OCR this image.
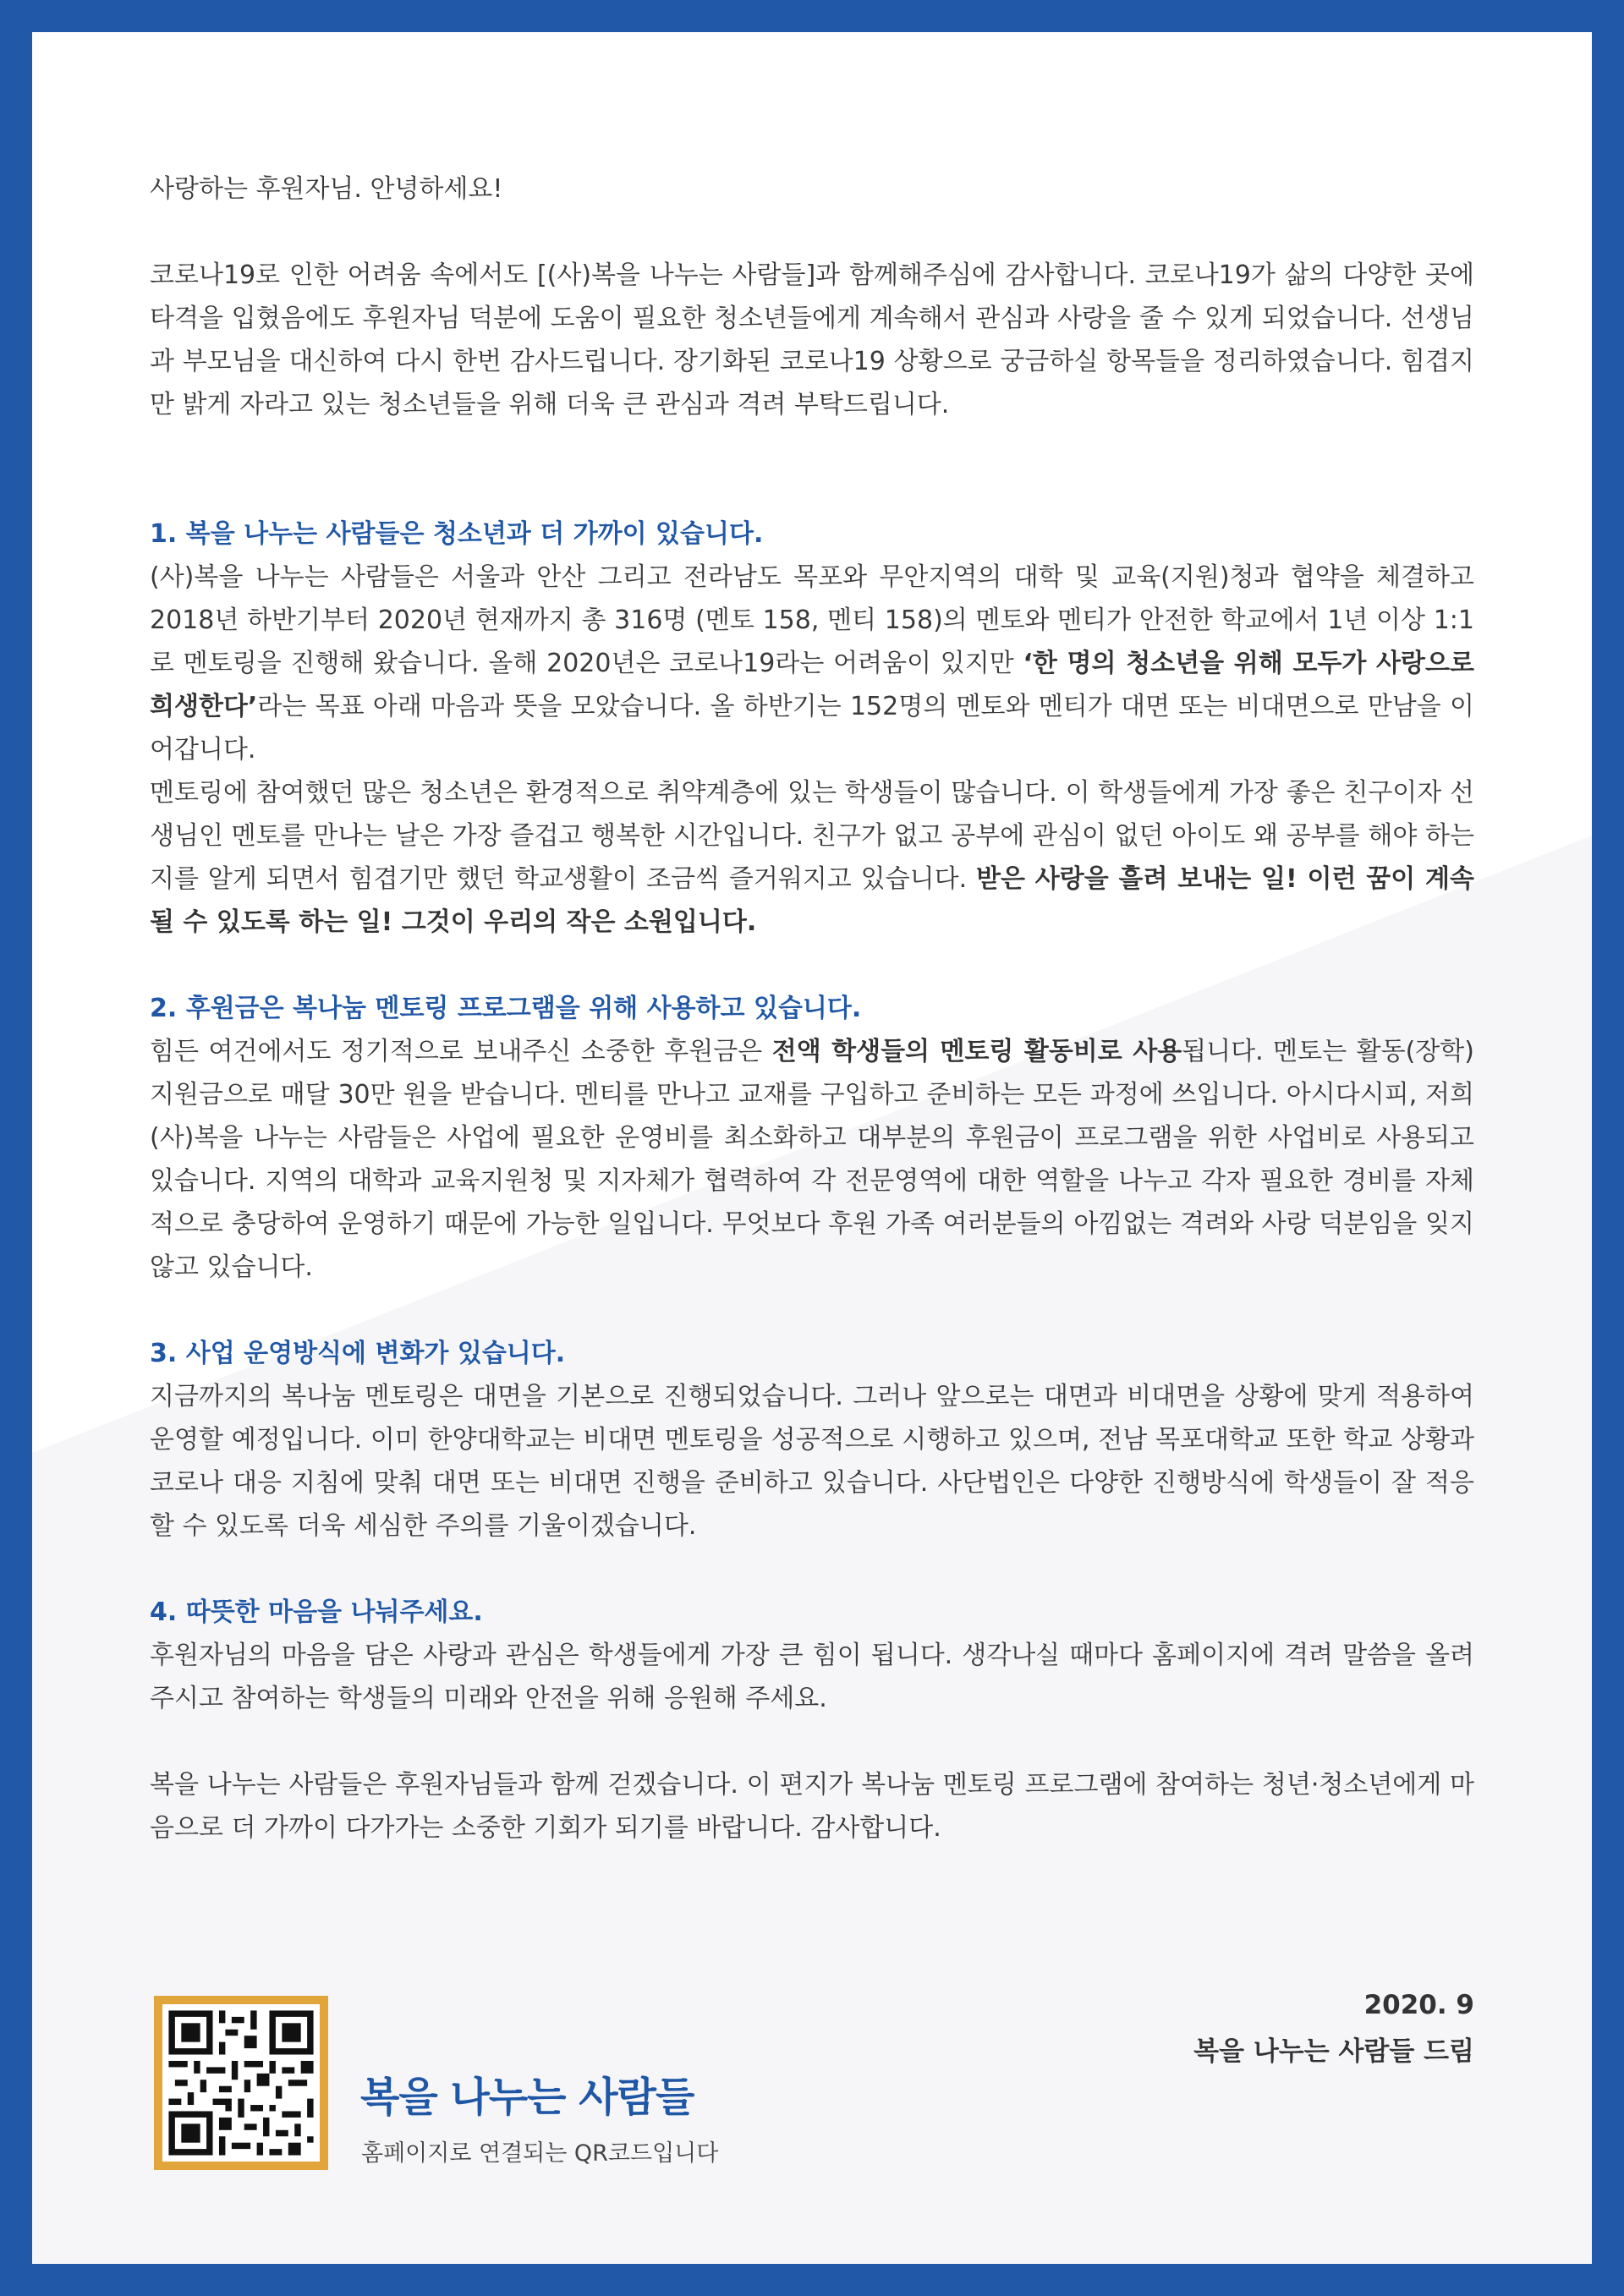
사랑하는 후원자님. 안녕하세요!

코로나19로 인한 어려움 속에서도 [(사)복을 나누는 사람들]과 함께해주심에 감사합니다. 코로나19가 삶의 다양한 곳에 타격을 입혔음에도 후원자님 덕분에 도움이 필요한 청소년들에게 계속해서 관심과 사랑을 줄 수 있게 되었습니다. 선생님과 부모님을 대신하여 다시 한번 감사드립니다. 장기화된 코로나19 상황으로 궁금하실 항목들을 정리하였습니다. 힘겹지만 밝게 자라고 있는 청소년들을 위해 더욱 큰 관심과 격려 부탁드립니다.

1. 복을 나누는 사람들은 청소년과 더 가까이 있습니다.

(사)복을 나누는 사람들은 서울과 안산 그리고 전라남도 목포와 무안지역의 대학 및 교육(지원)청과 협약을 체결하고 2018년 하반기부터 2020년 현재까지 총 316명 (멘토 158, 멘티 158)의 멘토와 멘티가 안전한 학교에서 1년 이상 1:1로 멘토링을 진행해 왔습니다. 올해 2020년은 코로나19라는 어려움이 있지만 ‘한 명의 청소년을 위해 모두가 사랑으로 희생한다’라는 목표 아래 마음과 뜻을 모았습니다. 올 하반기는 152명의 멘토와 멘티가 대면 또는 비대면으로 만남을 이어갑니다.

멘토링에 참여했던 많은 청소년은 환경적으로 취약계층에 있는 학생들이 많습니다. 이 학생들에게 가장 좋은 친구이자 선생님인 멘토를 만나는 날은 가장 즐겁고 행복한 시간입니다. 친구가 없고 공부에 관심이 없던 아이도 왜 공부를 해야 하는지를 알게 되면서 힘겹기만 했던 학교생활이 조금씩 즐거워지고 있습니다. 받은 사랑을 흘려 보내는 일! 이런 꿈이 계속될 수 있도록 하는 일! 그것이 우리의 작은 소원입니다.

2. 후원금은 복나눔 멘토링 프로그램을 위해 사용하고 있습니다.

힘든 여건에서도 정기적으로 보내주신 소중한 후원금은 전액 학생들의 멘토링 활동비로 사용됩니다. 멘토는 활동(장학)지원금으로 매달 30만 원을 받습니다. 멘티를 만나고 교재를 구입하고 준비하는 모든 과정에 쓰입니다. 아시다시피, 저희 (사)복을 나누는 사람들은 사업에 필요한 운영비를 최소화하고 대부분의 후원금이 프로그램을 위한 사업비로 사용되고 있습니다. 지역의 대학과 교육지원청 및 지자체가 협력하여 각 전문영역에 대한 역할을 나누고 각자 필요한 경비를 자체적으로 충당하여 운영하기 때문에 가능한 일입니다. 무엇보다 후원 가족 여러분들의 아낌없는 격려와 사랑 덕분임을 잊지 않고 있습니다.

3. 사업 운영방식에 변화가 있습니다.

지금까지의 복나눔 멘토링은 대면을 기본으로 진행되었습니다. 그러나 앞으로는 대면과 비대면을 상황에 맞게 적용하여 운영할 예정입니다. 이미 한양대학교는 비대면 멘토링을 성공적으로 시행하고 있으며, 전남 목포대학교 또한 학교 상황과 코로나 대응 지침에 맞춰 대면 또는 비대면 진행을 준비하고 있습니다. 사단법인은 다양한 진행방식에 학생들이 잘 적응할 수 있도록 더욱 세심한 주의를 기울이겠습니다.

4. 따뜻한 마음을 나눠주세요.

후원자님의 마음을 담은 사랑과 관심은 학생들에게 가장 큰 힘이 됩니다. 생각나실 때마다 홈페이지에 격려 말씀을 올려주시고 참여하는 학생들의 미래와 안전을 위해 응원해 주세요.

복을 나누는 사람들은 후원자님들과 함께 걷겠습니다. 이 편지가 복나눔 멘토링 프로그램에 참여하는 청년·청소년에게 마음으로 더 가까이 다가가는 소중한 기회가 되기를 바랍니다. 감사합니다.

복을 나누는 사람들
홈페이지로 연결되는 QR코드입니다
2020. 9
복을 나누는 사람들 드림
